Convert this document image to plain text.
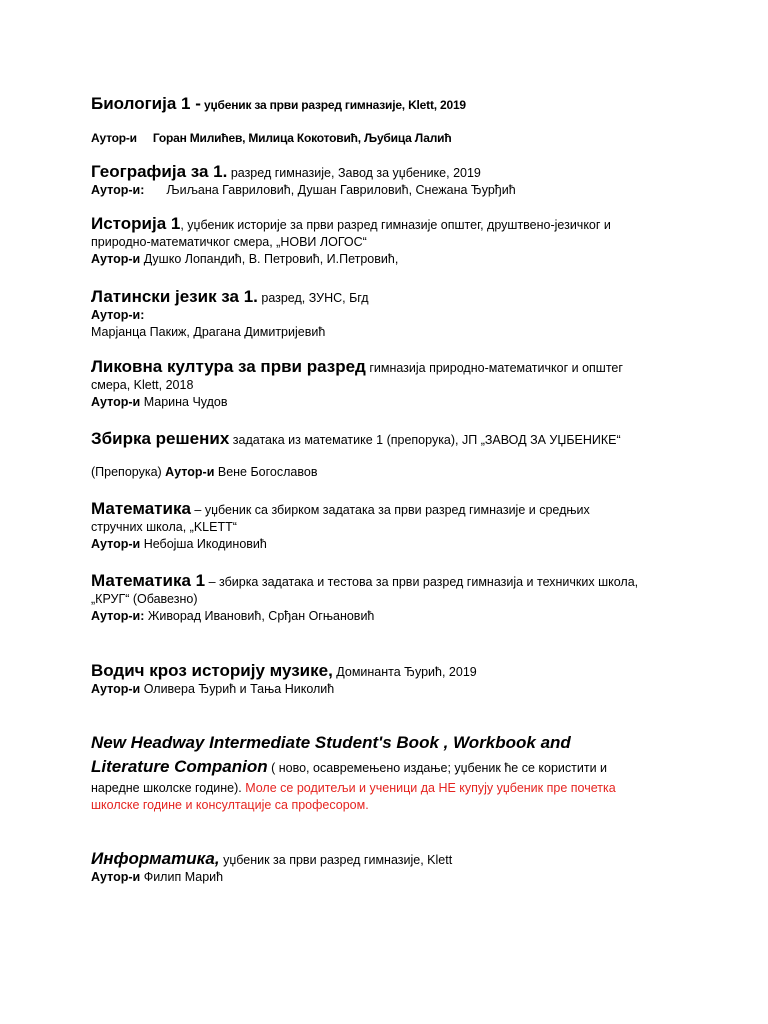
Биологија 1 - уџбеник за први разред гимназије, Klett, 2019
Аутор-и Горан Милићев, Милица Кокотовић, Љубица Лалић
Географија за 1. разред гимназије, Завод за уџбенике, 2019
Аутор-и: Љиљана Гавриловић, Душан Гавриловић, Снежана Ђурђић
Историја 1, уџбеник историје за први разред гимназије општег, друштвено-језичког и
природно-математичког смера, „НОВИ ЛОГОС“
Аутор-и Душко Лопандић, В. Петровић, И.Петровић,
Латински језик за 1. разред, ЗУНС, Бгд
Аутор-и:
Марјанца Пакиж, Драгана Димитријевић
Ликовна култура за први разред гимназија природно-математичког и општег
смера, Klett, 2018
Аутор-и Марина Чудов
Збирка решених задатака из математике 1 (препорука), ЈП „ЗАВОД ЗА УЏБЕНИКЕ“
(Препорука) Аутор-и Вене Богославов
Математика – уџбеник са збирком задатака за први разред гимназије и средњих
стручних школа, „KLETT“
Аутор-и Небојша Икодиновић
Математика 1 – збирка задатака и тестова за први разред гимназија и техничких школа,
„КРУГ“ (Обавезно)
Аутор-и: Живорад Ивановић, Срђан Огњановић
Водич кроз историју музике, Доминанта Ђурић, 2019
Аутор-и Оливера Ђурић и Тања Николић
New Headway Intermediate Student's Book , Workbook and
Literature Companion ( ново, осавремењено издање; уџбеник ће се користити и
наредне школске године). Моле се родитељи и ученици да НЕ купују уџбеник пре почетка
школске године и консултације са професором.
Информатика, уџбеник за први разред гимназије, Klett
Аутор-и Филип Марић
